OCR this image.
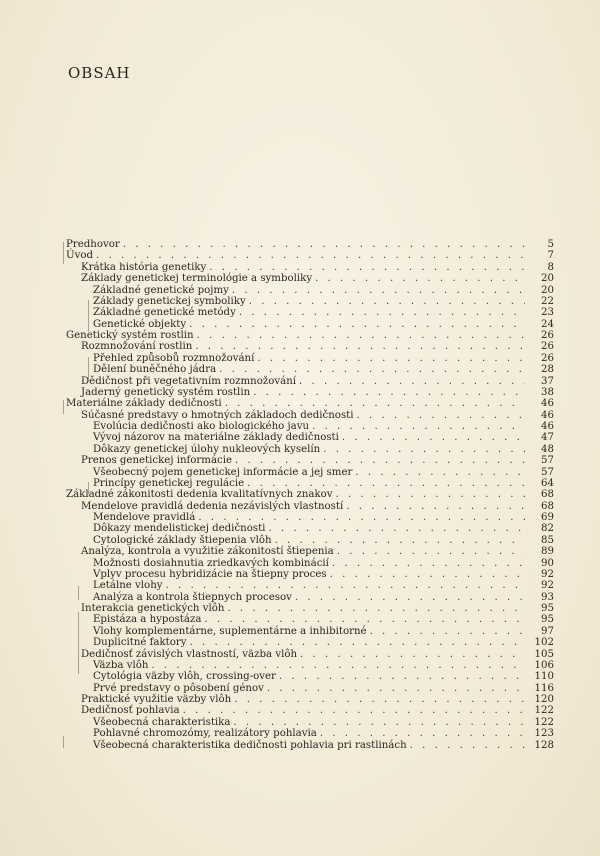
OBSAH
Predhovor . . .	5
Úvod . . .	7
Krátka história genetiky . . .	8
Základy genetickej terminológie a symboliky . . .	20
Základné genetické pojmy . . .	20
Základy genetickej symboliky . . .	22
Základné genetické metódy . . .	23
Genetické objekty . . .	24
Genetický systém rostlin . . .	26
Rozmnožování rostlin . . .	26
Přehled způsobů rozmnožování . . .	26
Dělení buněčného jádra . . .	28
Dědičnost při vegetativním rozmnožování . . .	37
Jaderný genetický systém rostlin . . .	38
Materiálne základy dedičnosti . . .	46
Súčasné predstavy o hmotných základoch dedičnosti . . .	46
Evolúcia dedičnosti ako biologického javu . . .	46
Vývoj názorov na materiálne základy dedičnosti . . .	47
Dôkazy genetickej úlohy nukleových kyselín . . .	48
Prenos genetickej informácie . . .	57
Všeobecný pojem genetickej informácie a jej smer . . .	57
Princípy genetickej regulácie . . .	64
Základné zákonitosti dedenia kvalitatívnych znakov . . .	68
Mendelove pravidlá dedenia nezávislých vlastností . . .	68
Mendelove pravidlá . . .	69
Dôkazy mendelistickej dedičnosti . . .	82
Cytologické základy štiepenia vlôh . . .	85
Analýza, kontrola a využitie zákonitostí štiepenia . . .	89
Možnosti dosiahnutia zriedkavých kombinácií . . .	90
Vplyv procesu hybridizácie na štiepny proces . . .	92
Letálne vlohy . . .	92
Analýza a kontrola štiepnych procesov . . .	93
Interakcia genetických vlôh . . .	95
Epistáza a hypostáza . . .	95
Vlohy komplementárne, suplementárne a inhibitorné . . .	97
Duplicitné faktory . . .	102
Dedičnosť závislých vlastností, väzba vlôh . . .	105
Väzba vlôh . . .	106
Cytológia väzby vlôh, crossing-over . . .	110
Prvé predstavy o pôsobení génov . . .	116
Praktické využitie väzby vlôh . . .	120
Dedičnosť pohlavia . . .	122
Všeobecná charakteristika . . .	122
Pohlavné chromozómy, realizátory pohlavia . . .	123
Všeobecná charakteristika dedičnosti pohlavia pri rastlinách . . .	128
